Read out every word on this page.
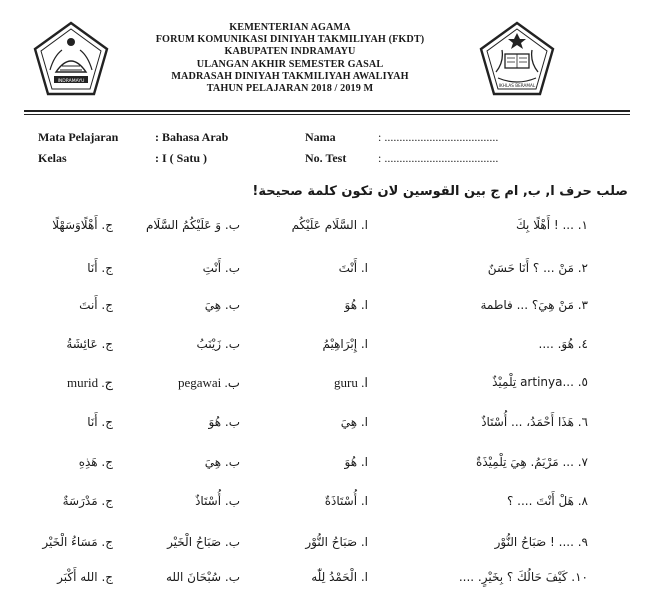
INDRAMAYU
KEMENTERIAN AGAMA
FORUM KOMUNIKASI DINIYAH TAKMILIYAH (FKDT)
KABUPATEN INDRAMAYU
ULANGAN AKHIR SEMESTER GASAL
MADRASAH DINIYAH TAKMILIYAH AWALIYAH
TAHUN PELAJARAN 2018 / 2019 M	IKHLAS BERAMAL
Mata Pelajaran	: Bahasa Arab
Kelas	: I ( Satu )
Nama	: ......................................
No. Test	: ......................................
صلب حرف ا, ب, ام ج بين القوسين لان تكون كلمة صحيحة!
١. ... ! أَهْلًا بِكَ
ا. السَّلَام عَلَيْكُم
ب. وَ عَلَيْكُمُ السَّلَام
ج. أَهْلًاوَسَهْلًا
٢. مَنْ ... ؟ أَنَا حَسَنٌ
ا. أَنْتَ
ب. أَنْتِ
ج. أَنَا
٣. مَنْ هِيَ؟ ... فاطمة
ا. هُوَ
ب. هِيَ
ج. أَنتَ
٤. هُوَ. ....
ا. إِبْرَاهِيْمُ
ب. زَيْنَبُ
ج. عَائِشَةُ
٥. ...artinya تِلْمِيْذٌ
ا. guru
ب. pegawai
ج. murid
٦. هَذَا أَحْمَدُ، ... أُسْتَاذٌ
ا. هِيَ
ب. هُوَ
ج. أَنَا
٧. ... مَرْيَمُ. هِيَ تِلْمِيْذَةٌ
ا. هُوَ
ب. هِيَ
ج. هَذِهِ
٨. هَلْ أَنْتَ .... ؟
ا. أُسْتَاذَةٌ
ب. أُسْتَاذٌ
ج. مَدْرَسَةٌ
٩. .... ! صَبَاحُ النُّوْر
ا. صَبَاحُ النُّوْر
ب. صَبَاحُ الْخَيْر
ج. مَسَاءُ الْخَيْر
١٠. كَيْفَ حَالُكَ ؟ بِخَيْرٍ. ....
ا. الْحَمْدُ لِلّٰه
ب. سُبْحَانَ الله
ج. الله أَكْبَر
